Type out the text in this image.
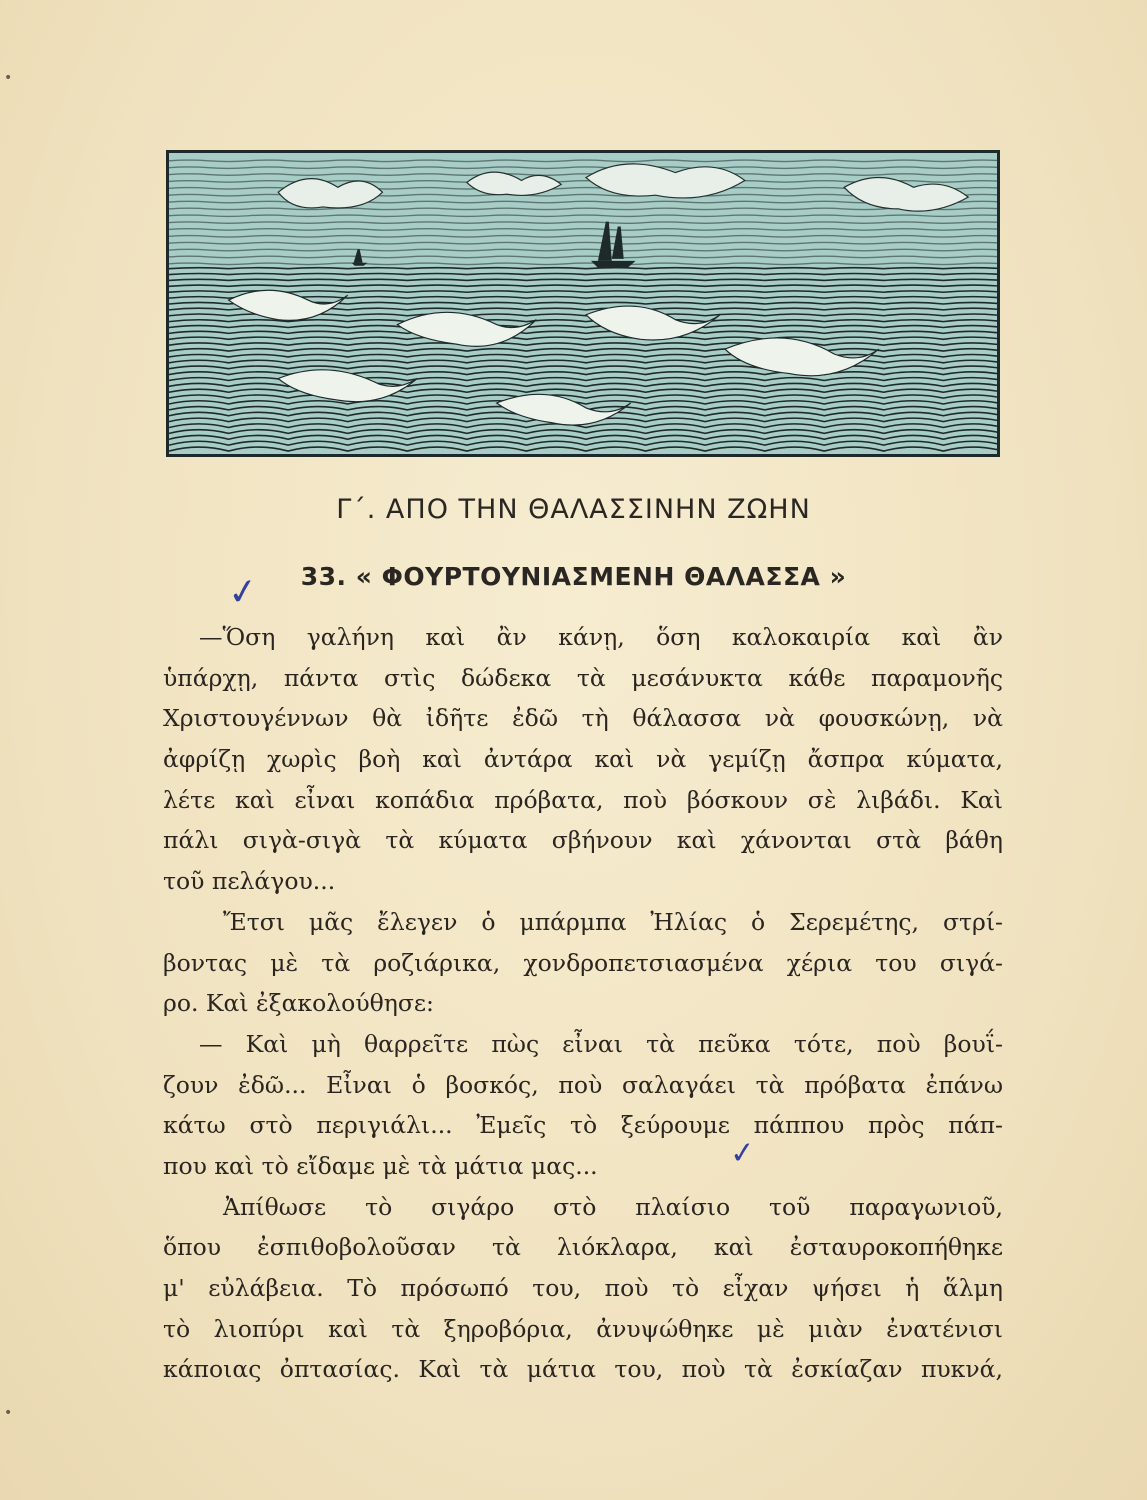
Γ΄. ΑΠΟ ΤΗΝ ΘΑΛΑΣΣΙΝΗΝ ΖΩΗΝ
✓	33. « ΦΟΥΡΤΟΥΝΙΑΣΜΕΝΗ ΘΑΛΑΣΣΑ »
—Ὅση γαλήνη καὶ ἂν κάνῃ, ὅση καλοκαιρία καὶ ἂν
ὑπάρχῃ, πάντα στὶς δώδεκα τὰ μεσάνυκτα κάθε παραμονῆς
Χριστουγέννων θὰ ἰδῆτε ἐδῶ τὴ θάλασσα νὰ φουσκώνῃ, νὰ
ἀφρίζῃ χωρὶς βοὴ καὶ ἀντάρα καὶ νὰ γεμίζῃ ἄσπρα κύματα,
λέτε καὶ εἶναι κοπάδια πρόβατα, ποὺ βόσκουν σὲ λιβάδι. Καὶ
πάλι σιγὰ-σιγὰ τὰ κύματα σβήνουν καὶ χάνονται στὰ βάθη
τοῦ πελάγου...
Ἔτσι μᾶς ἔλεγεν ὁ μπάρμπα Ἠλίας ὁ Σερεμέτης, στρί-
βοντας μὲ τὰ ροζιάρικα, χονδροπετσιασμένα χέρια του σιγά-
ρο. Καὶ ἐξακολούθησε:
— Καὶ μὴ θαρρεῖτε πὼς εἶναι τὰ πεῦκα τότε, ποὺ βουΐ-
ζουν ἐδῶ... Εἶναι ὁ βοσκός, ποὺ σαλαγάει τὰ πρόβατα ἐπάνω
κάτω στὸ περιγιάλι... Ἐμεῖς τὸ ξεύρουμε πάππου πρὸς πάπ-
που καὶ τὸ εἴδαμε μὲ τὰ μάτια μας...
Ἀπίθωσε τὸ σιγάρο στὸ πλαίσιο τοῦ παραγωνιοῦ,
ὅπου ἐσπιθοβολοῦσαν τὰ λιόκλαρα, καὶ ἐσταυροκοπήθηκε
μ' εὐλάβεια. Τὸ πρόσωπό του, ποὺ τὸ εἶχαν ψήσει ἡ ἅλμη
τὸ λιοπύρι καὶ τὰ ξηροβόρια, ἀνυψώθηκε μὲ μιὰν ἐνατένισι
κάποιας ὀπτασίας. Καὶ τὰ μάτια του, ποὺ τὰ ἐσκίαζαν πυκνά,
✓
•
•
